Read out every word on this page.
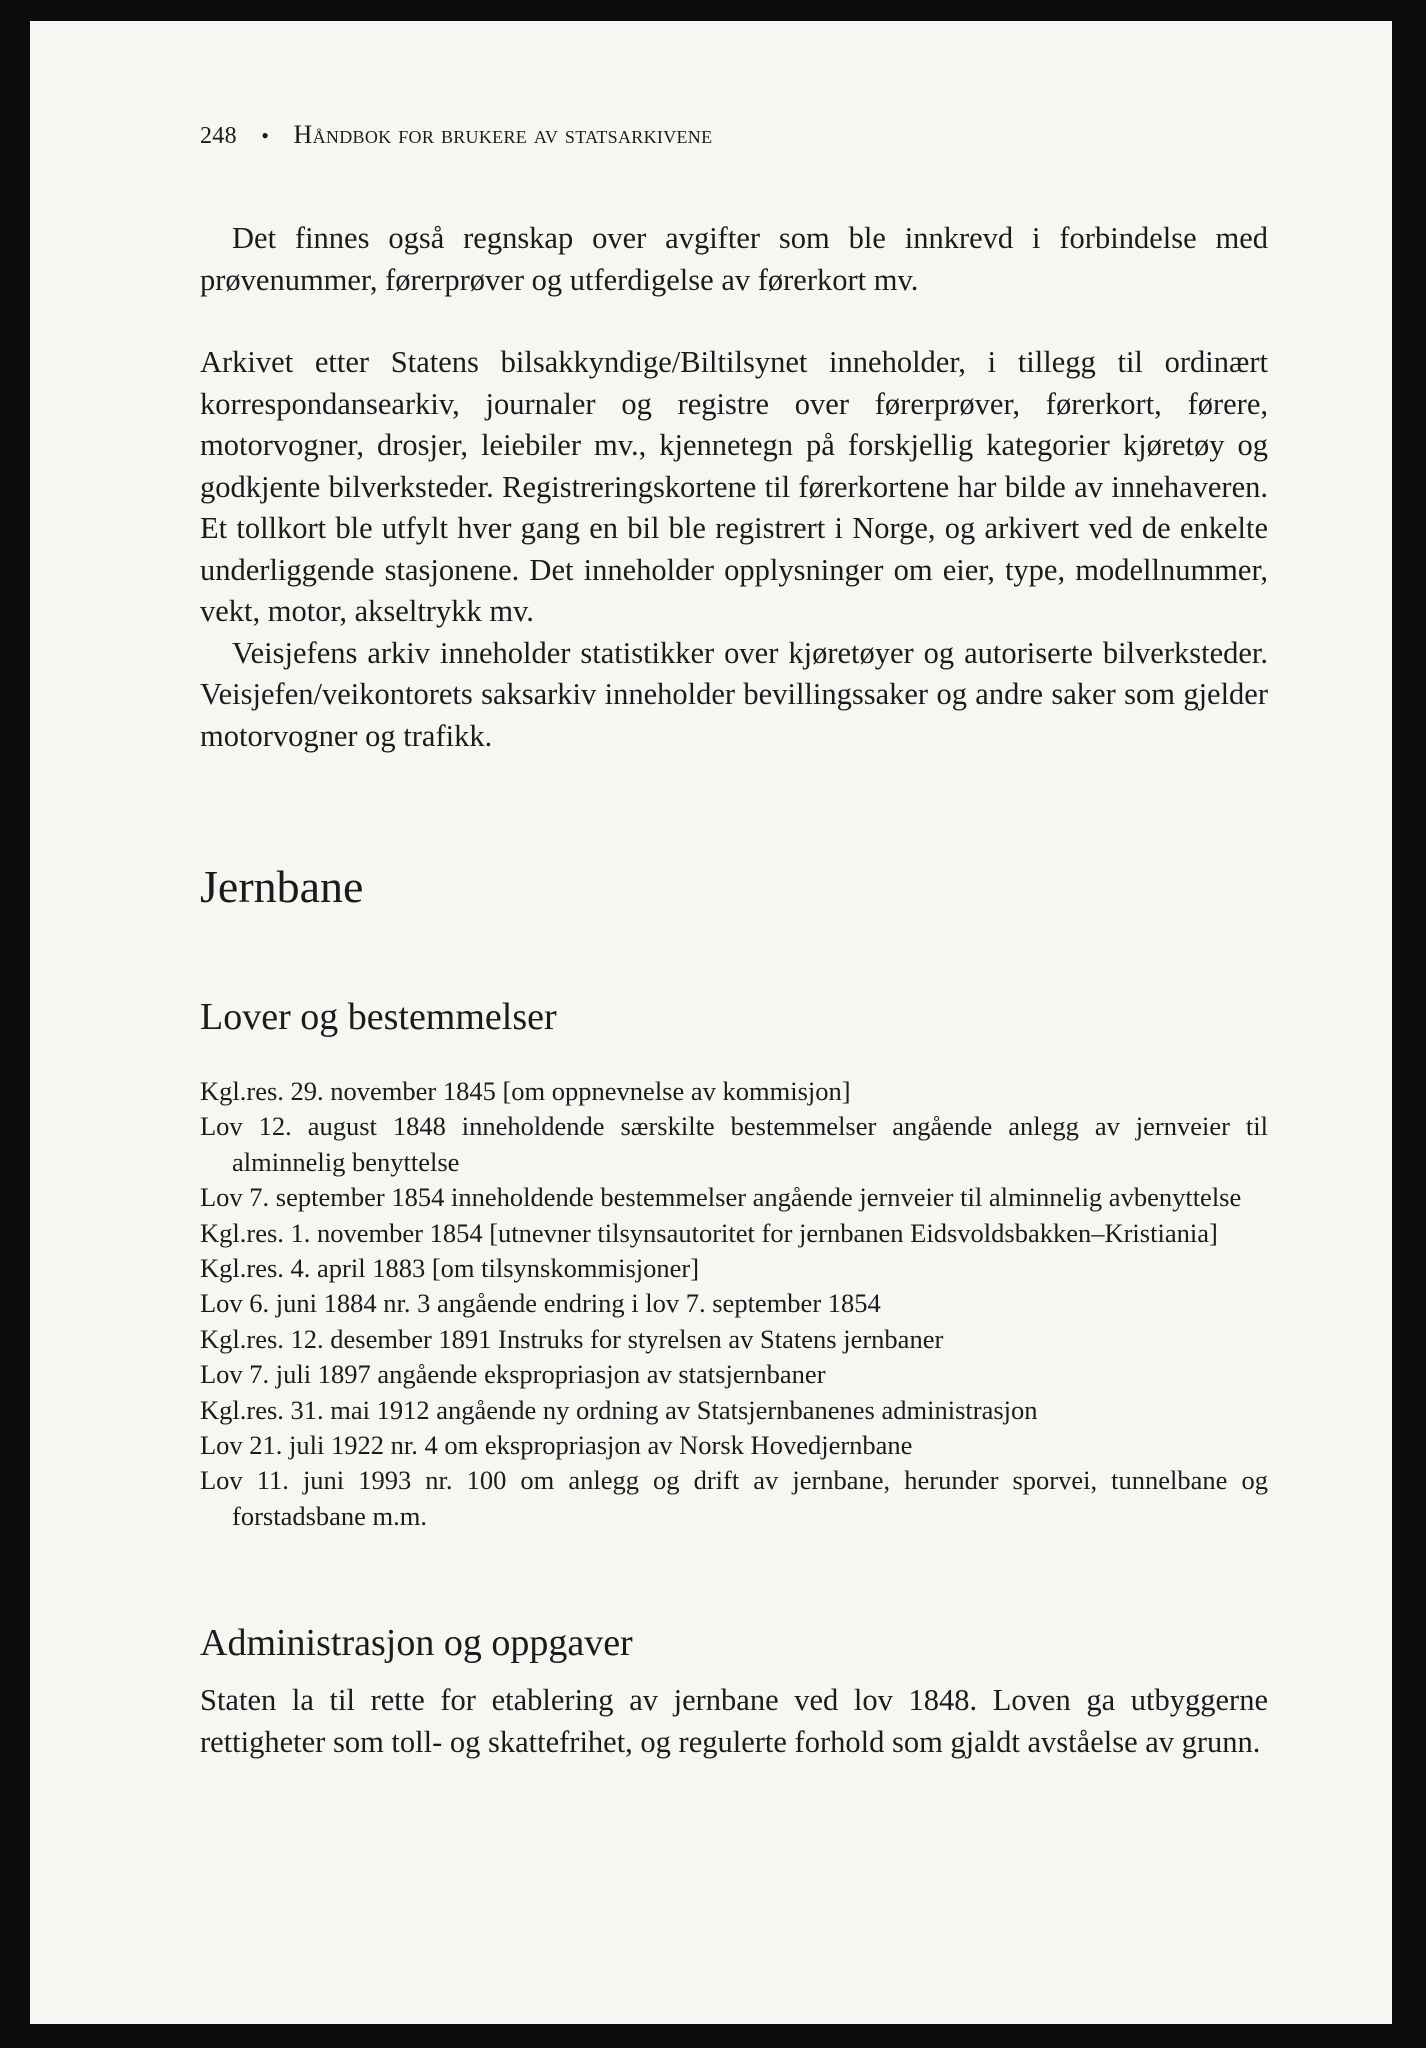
248 • Håndbok for brukere av statsarkivene

Det finnes også regnskap over avgifter som ble innkrevd i forbindelse med prøvenummer, førerprøver og utferdigelse av førerkort mv.

Arkivet etter Statens bilsakkyndige/Biltilsynet inneholder, i tillegg til ordinært korrespondansearkiv, journaler og registre over førerprøver, førerkort, førere, motorvogner, drosjer, leiebiler mv., kjennetegn på forskjellig kategorier kjøretøy og godkjente bilverksteder. Registreringskortene til førerkortene har bilde av innehaveren. Et tollkort ble utfylt hver gang en bil ble registrert i Norge, og arkivert ved de enkelte underliggende stasjonene. Det inneholder opplysninger om eier, type, modellnummer, vekt, motor, akseltrykk mv.

Veisjefens arkiv inneholder statistikker over kjøretøyer og autoriserte bilverksteder. Veisjefen/veikontorets saksarkiv inneholder bevillingssaker og andre saker som gjelder motorvogner og trafikk.

Jernbane
Lover og bestemmelser
Kgl.res. 29. november 1845 [om oppnevnelse av kommisjon]
Lov 12. august 1848 inneholdende særskilte bestemmelser angående anlegg av jernveier til alminnelig benyttelse
Lov 7. september 1854 inneholdende bestemmelser angående jernveier til alminnelig avbenyttelse
Kgl.res. 1. november 1854 [utnevner tilsynsautoritet for jernbanen Eidsvoldsbakken–Kristiania]
Kgl.res. 4. april 1883 [om tilsynskommisjoner]
Lov 6. juni 1884 nr. 3 angående endring i lov 7. september 1854
Kgl.res. 12. desember 1891 Instruks for styrelsen av Statens jernbaner
Lov 7. juli 1897 angående ekspropriasjon av statsjernbaner
Kgl.res. 31. mai 1912 angående ny ordning av Statsjernbanenes administrasjon
Lov 21. juli 1922 nr. 4 om ekspropriasjon av Norsk Hovedjernbane
Lov 11. juni 1993 nr. 100 om anlegg og drift av jernbane, herunder sporvei, tunnelbane og forstadsbane m.m.
Administrasjon og oppgaver

Staten la til rette for etablering av jernbane ved lov 1848. Loven ga utbyggerne rettigheter som toll- og skattefrihet, og regulerte forhold som gjaldt avståelse av grunn.
